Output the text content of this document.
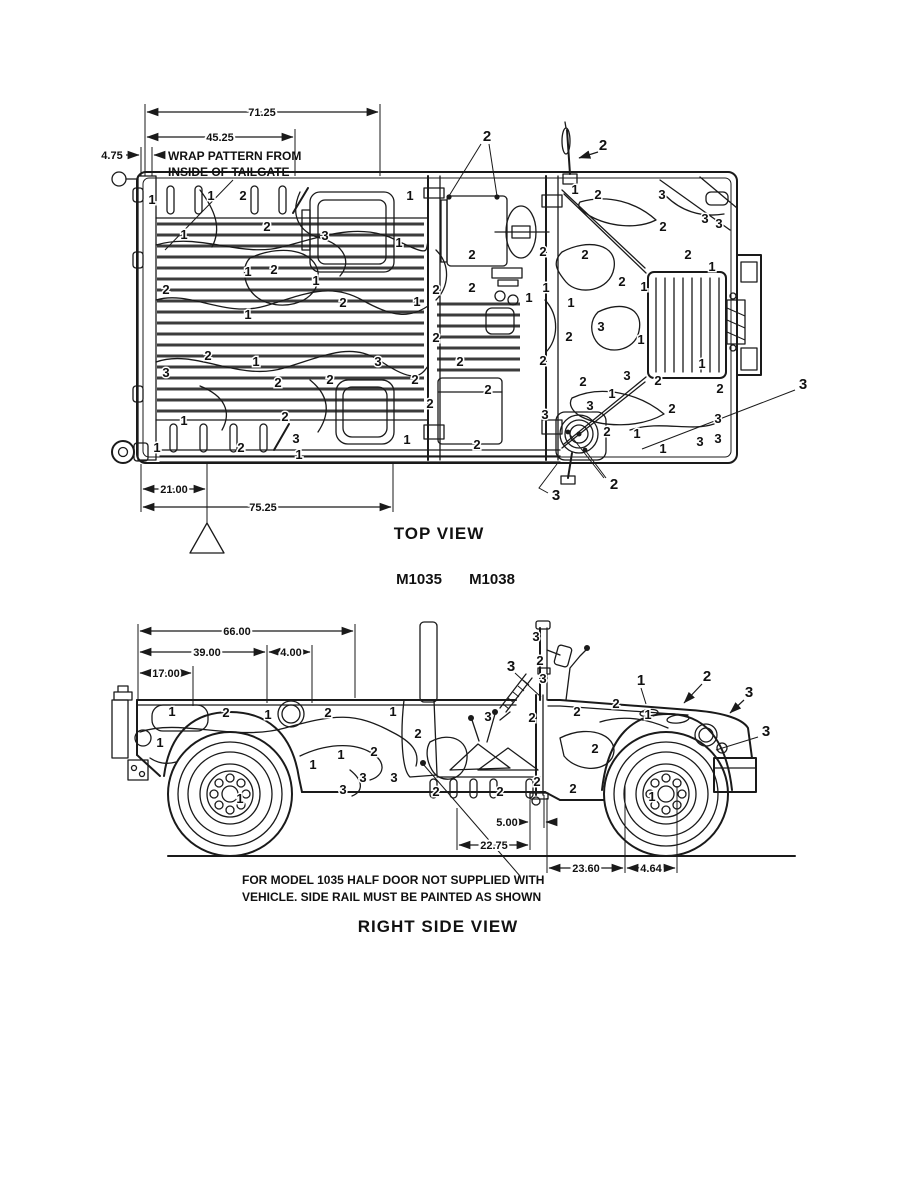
WRAP PATTERN FROM
INSIDE OF TAILGATE
71.25
45.25
4.75
21.00
75.25
1	1 2	1
1
2
3	1
2
1
2
1
2	1
1
2
3
1
1	2
2
3
1
1	3	2
2	2	2
2
2
2
1	2
3
2
2
2	2
2
1
1	1
1
2
2
3
1
2
1 2	3
2
3 3
2
1
2	3 2
1
2
3
1
2 1
2
3
3
3
1
2
2
3
2
3
TOP VIEW
M1035 M1038
66.00
39.00	4.00
17.00
5.00
22.75
23.60	4.64
1	2	1	2	1
1
2
1
1 2
3 3
3	2
1	1
3
2 2
2
3
2
3
2
2
1
2
2
3
1	2
3
3
FOR MODEL 1035 HALF DOOR NOT SUPPLIED WITH
VEHICLE. SIDE RAIL MUST BE PAINTED AS SHOWN
RIGHT SIDE VIEW
